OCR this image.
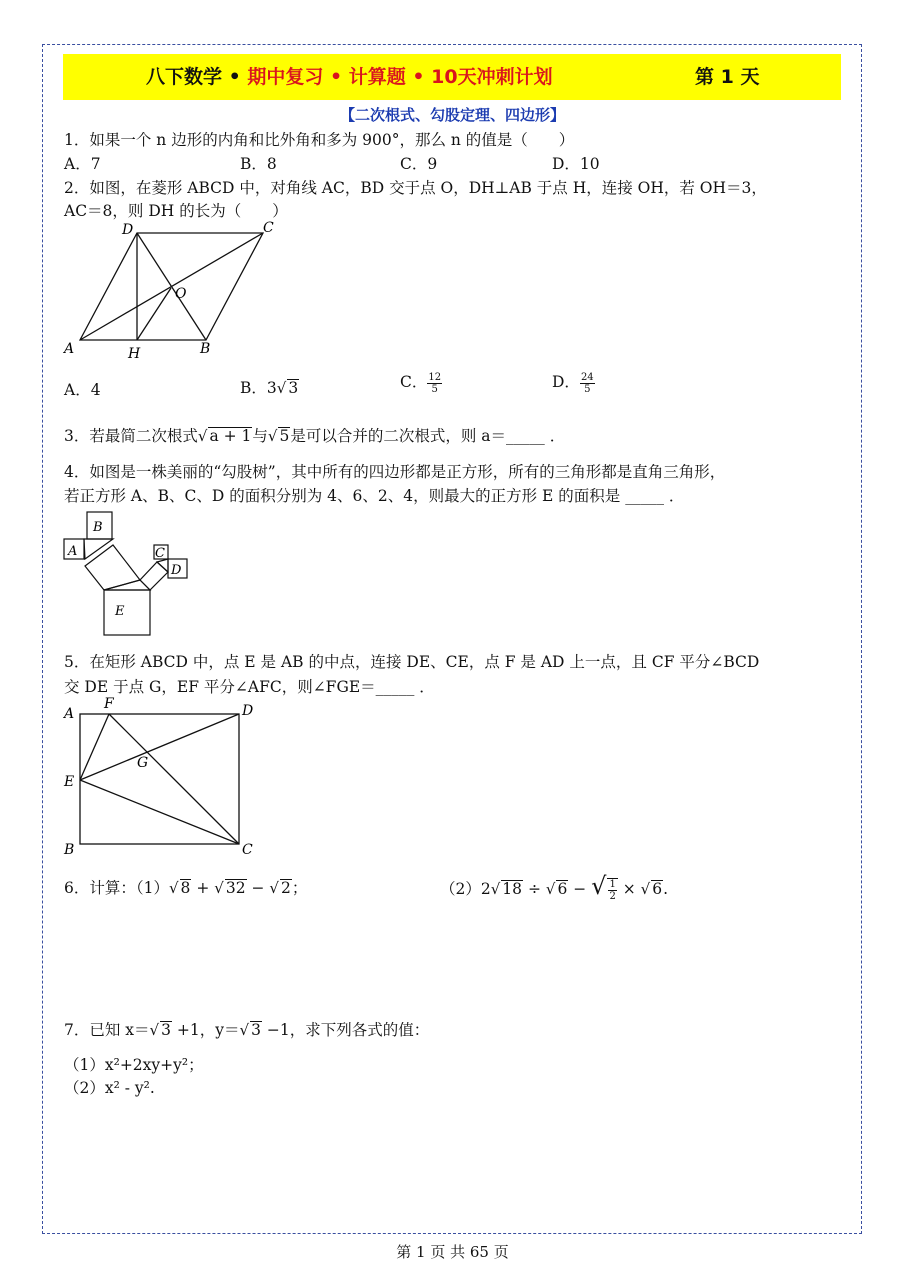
八下数学 • 期中复习 • 计算题 • 10天冲刺计划	第 1 天
【二次根式、勾股定理、四边形】
1．如果一个 n 边形的内角和比外角和多为 900°，那么 n 的值是（　　）
A．7	B．8	C．9	D．10
2．如图，在菱形 ABCD 中，对角线 AC，BD 交于点 O，DH⊥AB 于点 H，连接 OH，若 OH＝3，
AC＝8，则 DH 的长为（　　）
D	C
O
A	H	B
A．4	B．3√ 3	C． $\frac{12}{5}$	D． $\frac{24}{5}$
3．若最简二次根式√ a + 1与√ 5是可以合并的二次根式，则 a＝_____ ．
4．如图是一株美丽的“勾股树”，其中所有的四边形都是正方形，所有的三角形都是直角三角形，
若正方形 A、B、C、D 的面积分别为 4、6、2、4，则最大的正方形 E 的面积是 _____ ．
A
B
C
D
E
5．在矩形 ABCD 中，点 E 是 AB 的中点，连接 DE、CE，点 F 是 AD 上一点，且 CF 平分∠BCD
交 DE 于点 G，EF 平分∠AFC，则∠FGE＝_____ ．
A
F	D
G
E
B	C
6．计算：（1）√ 8 + √ 32 − √ 2；	（2）2√ 18 ÷ √ 6 − √ $\frac{1}{2}$ × √ 6.
7．已知 x＝√ 3 +1，y＝√ 3 −1，求下列各式的值：
（1）x²+2xy+y²；
（2）x² ‑ y².
第 1 页 共 65 页
